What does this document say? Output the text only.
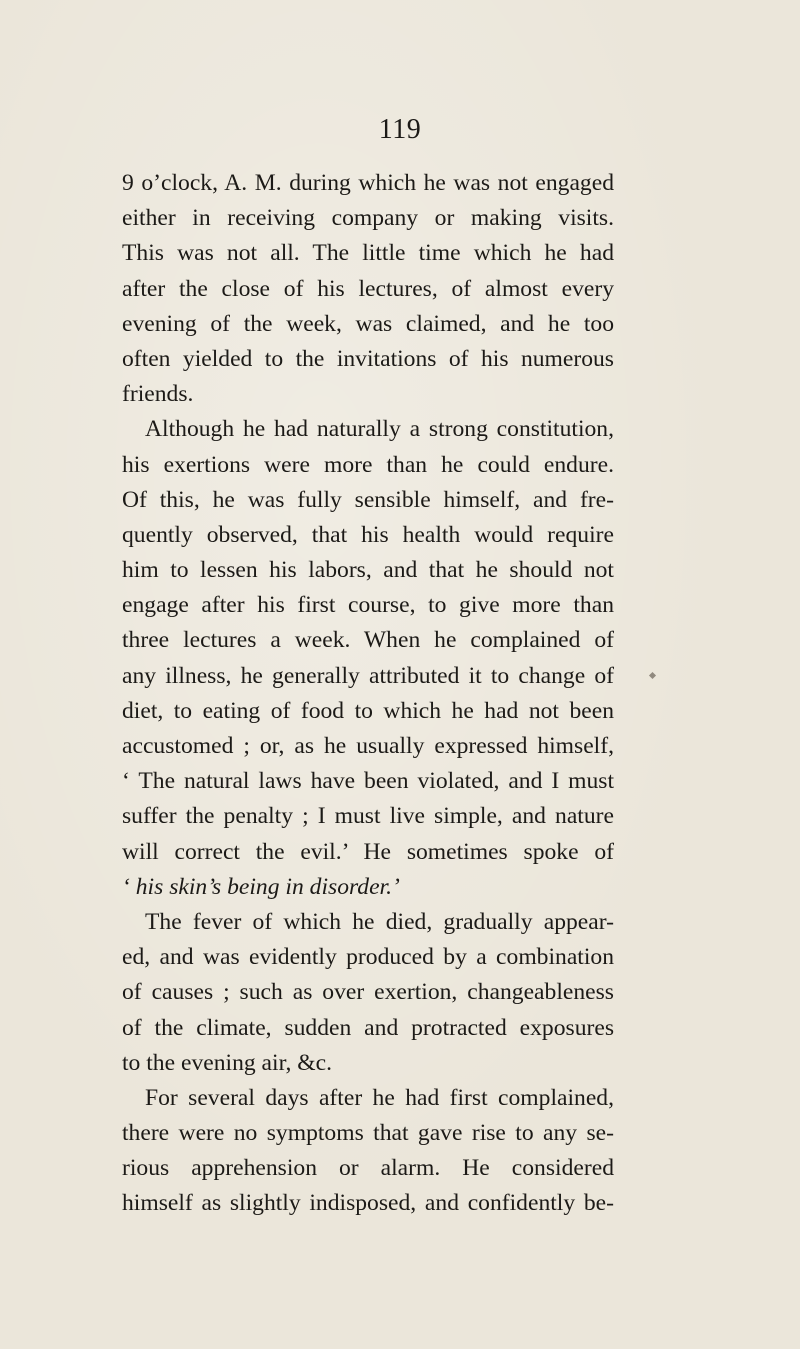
119
9 o’clock, A. M. during which he was not engaged
either in receiving company or making visits.
This was not all. The little time which he had
after the close of his lectures, of almost every
evening of the week, was claimed, and he too
often yielded to the invitations of his numerous
friends.
Although he had naturally a strong constitution,
his exertions were more than he could endure.
Of this, he was fully sensible himself, and fre-
quently observed, that his health would require
him to lessen his labors, and that he should not
engage after his first course, to give more than
three lectures a week. When he complained of
any illness, he generally attributed it to change of
diet, to eating of food to which he had not been
accustomed ; or, as he usually expressed himself,
‘ The natural laws have been violated, and I must
suffer the penalty ; I must live simple, and nature
will correct the evil.’ He sometimes spoke of
‘ his skin’s being in disorder.’
The fever of which he died, gradually appear-
ed, and was evidently produced by a combination
of causes ; such as over exertion, changeableness
of the climate, sudden and protracted exposures
to the evening air, &c.
For several days after he had first complained,
there were no symptoms that gave rise to any se-
rious apprehension or alarm. He considered
himself as slightly indisposed, and confidently be-
